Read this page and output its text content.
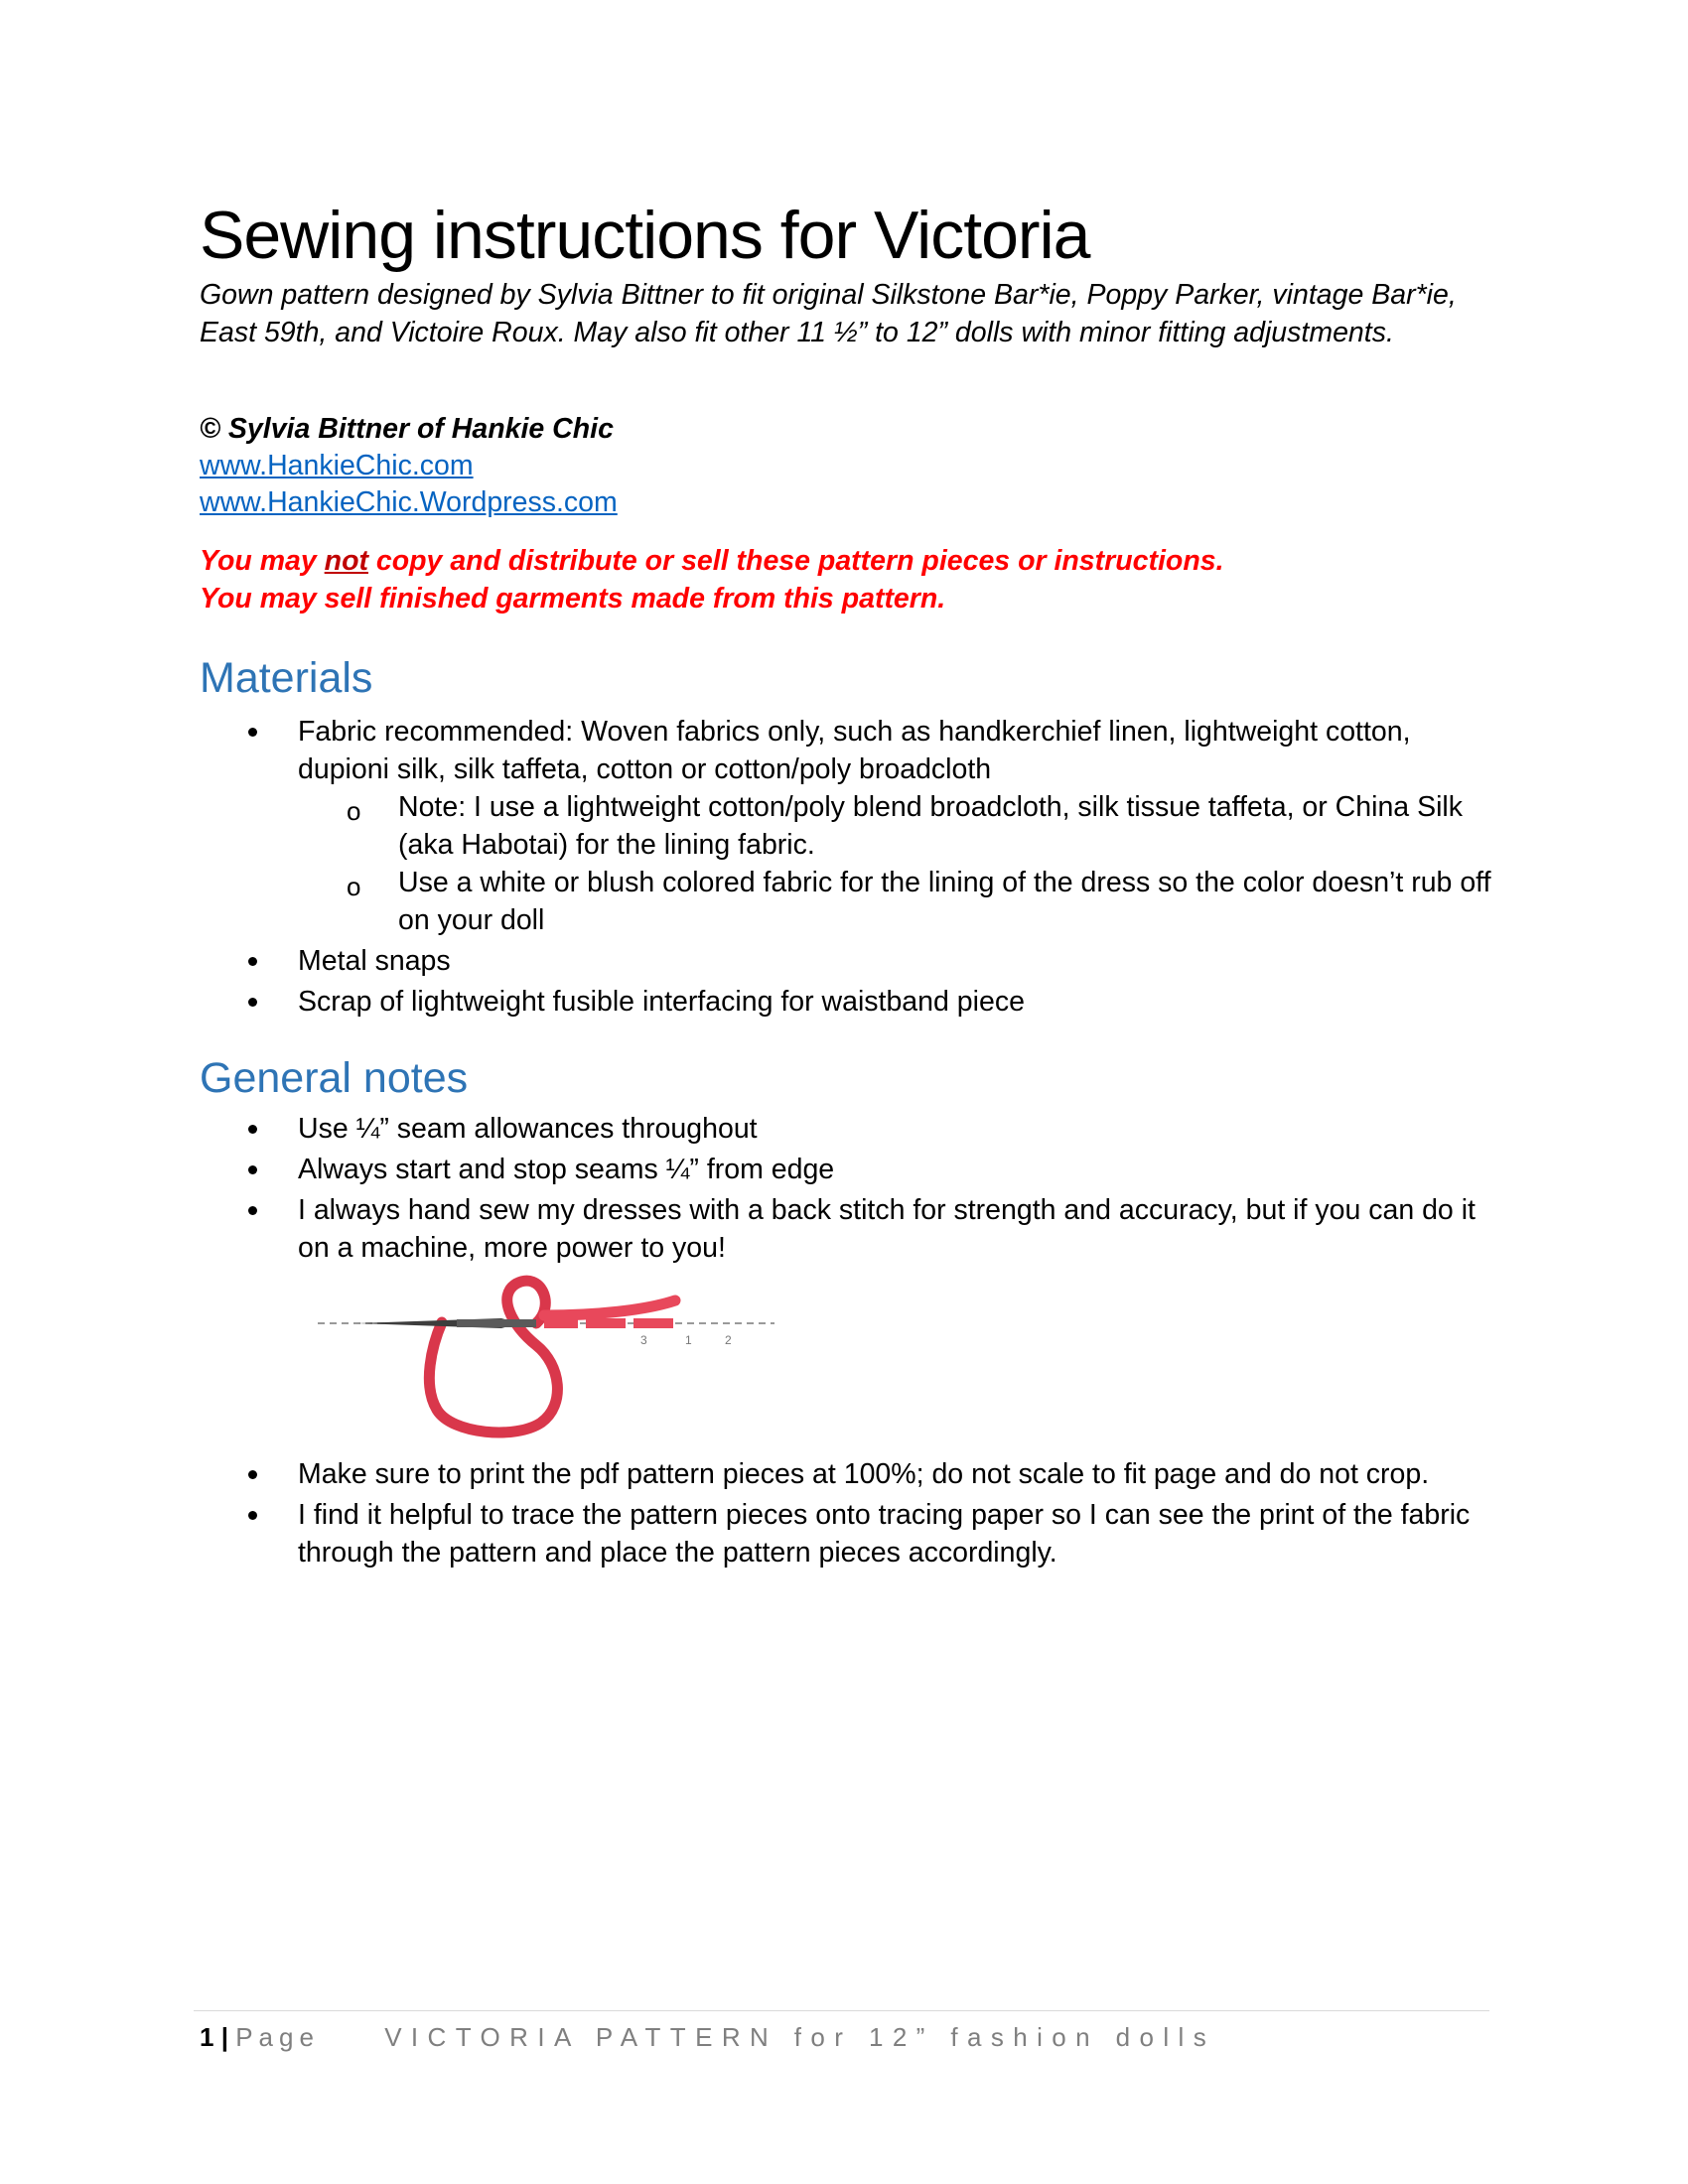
Sewing instructions for Victoria
Gown pattern designed by Sylvia Bittner to fit original Silkstone Bar*ie, Poppy Parker, vintage Bar*ie, East 59th, and Victoire Roux. May also fit other 11 ½” to 12” dolls with minor fitting adjustments.
© Sylvia Bittner of Hankie Chic
www.HankieChic.com
www.HankieChic.Wordpress.com
You may not copy and distribute or sell these pattern pieces or instructions.
You may sell finished garments made from this pattern.
Materials
Fabric recommended: Woven fabrics only, such as handkerchief linen, lightweight cotton, dupioni silk, silk taffeta, cotton or cotton/poly broadcloth
o Note: I use a lightweight cotton/poly blend broadcloth, silk tissue taffeta, or China Silk (aka Habotai) for the lining fabric.
o Use a white or blush colored fabric for the lining of the dress so the color doesn’t rub off on your doll
Metal snaps
Scrap of lightweight fusible interfacing for waistband piece
General notes
Use ¼” seam allowances throughout
Always start and stop seams ¼” from edge
I always hand sew my dresses with a back stitch for strength and accuracy, but if you can do it on a machine, more power to you!
3	1	2
Make sure to print the pdf pattern pieces at 100%; do not scale to fit page and do not crop.
I find it helpful to trace the pattern pieces onto tracing paper so I can see the print of the fabric through the pattern and place the pattern pieces accordingly.
1 | Page	VICTORIA PATTERN for 12” fashion dolls
